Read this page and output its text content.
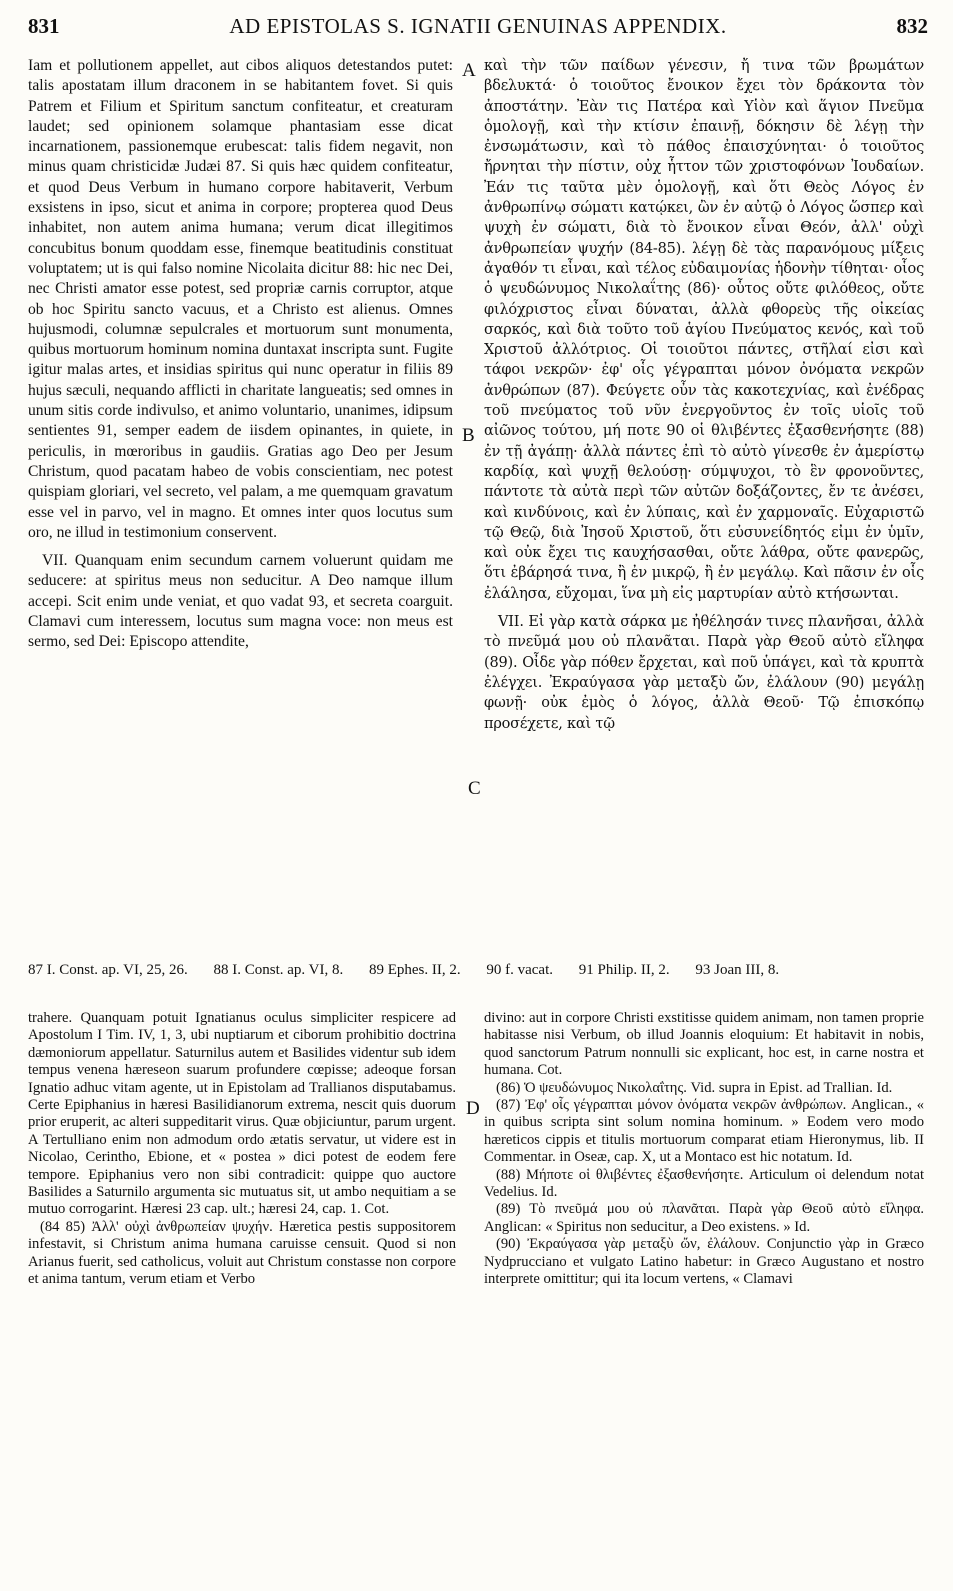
831	AD EPISTOLAS S. IGNATII GENUINAS APPENDIX.	832

Iam et pollutionem appellet, aut cibos aliquos detestandos putet: talis apostatam illum draconem in se habitantem fovet. Si quis Patrem et Filium et Spiritum sanctum confiteatur, et creaturam laudet; sed opinionem solamque phantasiam esse dicat incarnationem, passionemque erubescat: talis fidem negavit, non minus quam christicidæ Judæi 87. Si quis hæc quidem confiteatur, et quod Deus Verbum in humano corpore habitaverit, Verbum exsistens in ipso, sicut et anima in corpore; propterea quod Deus inhabitet, non autem anima humana; verum dicat illegitimos concubitus bonum quoddam esse, finemque beatitudinis constituat voluptatem; ut is qui falso nomine Nicolaita dicitur 88: hic nec Dei, nec Christi amator esse potest, sed propriæ carnis corruptor, atque ob hoc Spiritu sancto vacuus, et a Christo est alienus. Omnes hujusmodi, columnæ sepulcrales et mortuorum sunt monumenta, quibus mortuorum hominum nomina duntaxat inscripta sunt. Fugite igitur malas artes, et insidias spiritus qui nunc operatur in filiis 89 hujus sæculi, nequando afflicti in charitate langueatis; sed omnes in unum sitis corde indivulso, et animo voluntario, unanimes, idipsum sentientes 91, semper eadem de iisdem opinantes, in quiete, in periculis, in mœroribus in gaudiis. Gratias ago Deo per Jesum Christum, quod pacatam habeo de vobis conscientiam, nec potest quispiam gloriari, vel secreto, vel palam, a me quemquam gravatum esse vel in parvo, vel in magno. Et omnes inter quos locutus sum oro, ne illud in testimonium conservent.

VII. Quanquam enim secundum carnem voluerunt quidam me seducere: at spiritus meus non seducitur. A Deo namque illum accepi. Scit enim unde veniat, et quo vadat 93, et secreta coarguit. Clamavi cum interessem, locutus sum magna voce: non meus est sermo, sed Dei: Episcopo attendite,

A
B
C

καὶ τὴν τῶν παίδων γένεσιν, ἤ τινα τῶν βρωμάτων βδελυκτά· ὁ τοιοῦτος ἔνοικον ἔχει τὸν δράκοντα τὸν ἀποστάτην. Ἐὰν τις Πατέρα καὶ Υἱὸν καὶ ἅγιον Πνεῦμα ὁμολογῇ, καὶ τὴν κτίσιν ἐπαινῇ, δόκησιν δὲ λέγῃ τὴν ἐνσωμάτωσιν, καὶ τὸ πάθος ἐπαισχύνηται· ὁ τοιοῦτος ἤρνηται τὴν πίστιν, οὐχ ἧττον τῶν χριστοφόνων Ἰουδαίων. Ἐάν τις ταῦτα μὲν ὁμολογῇ, καὶ ὅτι Θεὸς Λόγος ἐν ἀνθρωπίνῳ σώματι κατῴκει, ὢν ἐν αὐτῷ ὁ Λόγος ὥσπερ καὶ ψυχὴ ἐν σώματι, διὰ τὸ ἔνοικον εἶναι Θεόν, ἀλλ' οὐχὶ ἀνθρωπείαν ψυχήν (84-85). λέγῃ δὲ τὰς παρανόμους μίξεις ἀγαθόν τι εἶναι, καὶ τέλος εὐδαιμονίας ἡδονὴν τίθηται· οἷος ὁ ψευδώνυμος Νικολαΐτης (86)· οὗτος οὔτε φιλόθεος, οὔτε φιλόχριστος εἶναι δύναται, ἀλλὰ φθορεὺς τῆς οἰκείας σαρκός, καὶ διὰ τοῦτο τοῦ ἁγίου Πνεύματος κενός, καὶ τοῦ Χριστοῦ ἀλλότριος. Οἱ τοιοῦτοι πάντες, στῆλαί εἰσι καὶ τάφοι νεκρῶν· ἐφ' οἷς γέγραπται μόνον ὀνόματα νεκρῶν ἀνθρώπων (87). Φεύγετε οὖν τὰς κακοτεχνίας, καὶ ἐνέδρας τοῦ πνεύματος τοῦ νῦν ἐνεργοῦντος ἐν τοῖς υἱοῖς τοῦ αἰῶνος τούτου, μή ποτε 90 οἱ θλιβέντες ἐξασθενήσητε (88) ἐν τῇ ἀγάπῃ· ἀλλὰ πάντες ἐπὶ τὸ αὐτὸ γίνεσθε ἐν ἀμερίστῳ καρδίᾳ, καὶ ψυχῇ θελούσῃ· σύμψυχοι, τὸ ἓν φρονοῦντες, πάντοτε τὰ αὐτὰ περὶ τῶν αὐτῶν δοξάζοντες, ἔν τε ἀνέσει, καὶ κινδύνοις, καὶ ἐν λύπαις, καὶ ἐν χαρμοναῖς. Εὐχαριστῶ τῷ Θεῷ, διὰ Ἰησοῦ Χριστοῦ, ὅτι εὐσυνείδητός εἰμι ἐν ὑμῖν, καὶ οὐκ ἔχει τις καυχήσασθαι, οὔτε λάθρα, οὔτε φανερῶς, ὅτι ἐβάρησά τινα, ἢ ἐν μικρῷ, ἢ ἐν μεγάλῳ. Καὶ πᾶσιν ἐν οἷς ἐλάλησα, εὔχομαι, ἵνα μὴ εἰς μαρτυρίαν αὐτὸ κτήσωνται.

VII. Εἰ γὰρ κατὰ σάρκα με ἠθέλησάν τινες πλανῆσαι, ἀλλὰ τὸ πνεῦμά μου οὐ πλανᾶται. Παρὰ γὰρ Θεοῦ αὐτὸ εἴληφα (89). Οἶδε γὰρ πόθεν ἔρχεται, καὶ ποῦ ὑπάγει, καὶ τὰ κρυπτὰ ἐλέγχει. Ἐκραύγασα γὰρ μεταξὺ ὤν, ἐλάλουν (90) μεγάλῃ φωνῇ· οὐκ ἐμὸς ὁ λόγος, ἀλλὰ Θεοῦ· Τῷ ἐπισκόπῳ προσέχετε, καὶ τῷ

87 I. Const. ap. VI, 25, 26. 88 I. Const. ap. VI, 8. 89 Ephes. II, 2. 90 f. vacat. 91 Philip. II, 2. 93 Joan III, 8.

trahere. Quanquam potuit Ignatianus oculus simpliciter respicere ad Apostolum I Tim. IV, 1, 3, ubi nuptiarum et ciborum prohibitio doctrina dæmoniorum appellatur. Saturnilus autem et Basilides videntur sub idem tempus venena hæreseon suarum profundere cœpisse; adeoque forsan Ignatio adhuc vitam agente, ut in Epistolam ad Trallianos disputabamus. Certe Epiphanius in hæresi Basilidianorum extrema, nescit quis duorum prior eruperit, ac alteri suppeditarit virus. Quæ objiciuntur, parum urgent. A Tertulliano enim non admodum ordo ætatis servatur, ut videre est in Nicolao, Cerintho, Ebione, et « postea » dici potest de eodem fere tempore. Epiphanius vero non sibi contradicit: quippe quo auctore Basilides a Saturnilo argumenta sic mutuatus sit, ut ambo nequitiam a se mutuo corrogarint. Hæresi 23 cap. ult.; hæresi 24, cap. 1. Cot.

(84 85) Ἀλλ' οὐχὶ ἀνθρωπείαν ψυχήν. Hæretica pestis suppositorem infestavit, si Christum anima humana caruisse censuit. Quod si non Arianus fuerit, sed catholicus, voluit aut Christum constasse non corpore et anima tantum, verum etiam et Verbo

D

divino: aut in corpore Christi exstitisse quidem animam, non tamen proprie habitasse nisi Verbum, ob illud Joannis eloquium: Et habitavit in nobis, quod sanctorum Patrum nonnulli sic explicant, hoc est, in carne nostra et humana. Cot.

(86) Ὁ ψευδώνυμος Νικολαΐτης. Vid. supra in Epist. ad Trallian. Id.

(87) Ἐφ' οἷς γέγραπται μόνον ὀνόματα νεκρῶν ἀνθρώπων. Anglican., « in quibus scripta sint solum nomina hominum. » Eodem vero modo hæreticos cippis et titulis mortuorum comparat etiam Hieronymus, lib. II Commentar. in Oseæ, cap. X, ut a Montaco est hic notatum. Id.

(88) Μήποτε οἱ θλιβέντες ἐξασθενήσητε. Articulum οἱ delendum notat Vedelius. Id.

(89) Τὸ πνεῦμά μου οὐ πλανᾶται. Παρὰ γὰρ Θεοῦ αὐτὸ εἴληφα. Anglican: « Spiritus non seducitur, a Deo existens. » Id.

(90) Ἐκραύγασα γὰρ μεταξὺ ὤν, ἐλάλουν. Conjunctio γὰρ in Græco Nydprucciano et vulgato Latino habetur: in Græco Augustano et nostro interprete omittitur; qui ita locum vertens, « Clamavi
